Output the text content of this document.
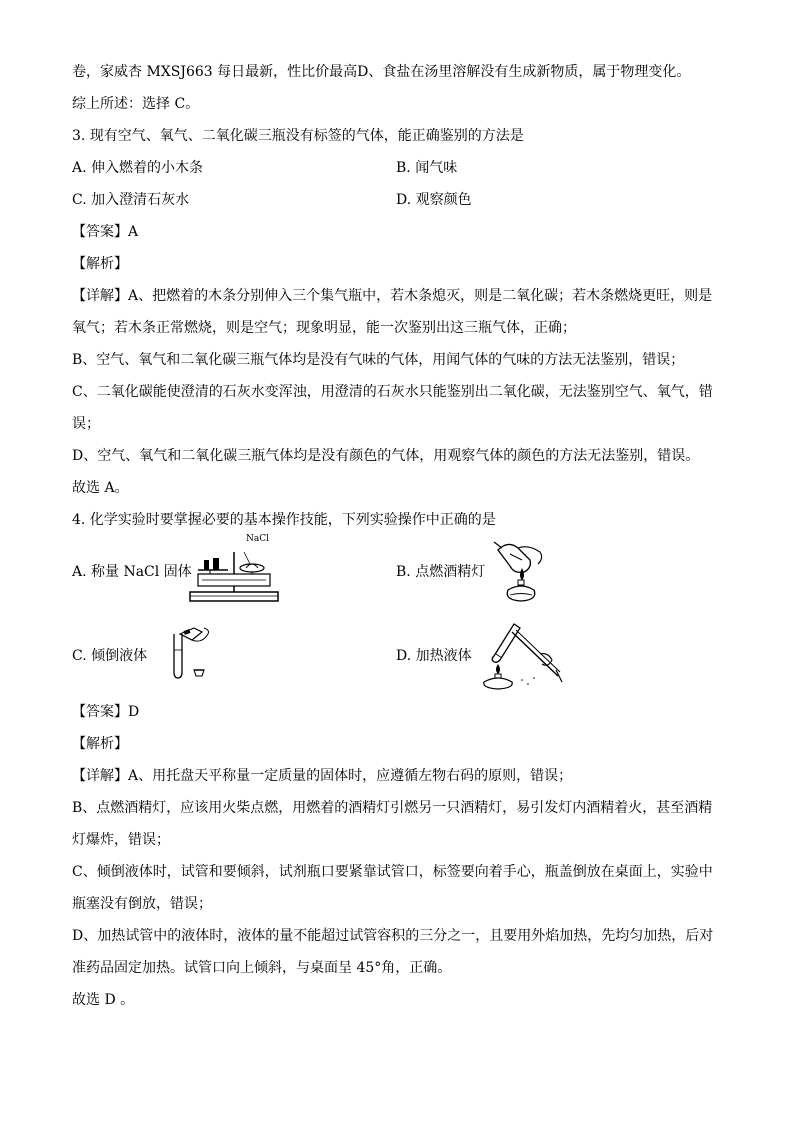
卷，家威杏 MXSJ663 每日最新，性比价最高D、食盐在汤里溶解没有生成新物质，属于物理变化。
综上所述：选择 C。
3. 现有空气、氧气、二氧化碳三瓶没有标签的气体，能正确鉴别的方法是
A. 伸入燃着的小木条	B. 闻气味
C. 加入澄清石灰水	D. 观察颜色
【答案】A
【解析】
【详解】A、把燃着的木条分别伸入三个集气瓶中，若木条熄灭，则是二氧化碳；若木条燃烧更旺，则是
氧气；若木条正常燃烧，则是空气；现象明显，能一次鉴别出这三瓶气体，正确；
B、空气、氧气和二氧化碳三瓶气体均是没有气味的气体，用闻气体的气味的方法无法鉴别，错误；
C、二氧化碳能使澄清的石灰水变浑浊，用澄清的石灰水只能鉴别出二氧化碳，无法鉴别空气、氧气，错
误；
D、空气、氧气和二氧化碳三瓶气体均是没有颜色的气体，用观察气体的颜色的方法无法鉴别，错误。
故选 A。
4. 化学实验时要掌握必要的基本操作技能，下列实验操作中正确的是
A. 称量 NaCl 固体
NaCl
B. 点燃酒精灯
C. 倾倒液体	D. 加热液体
【答案】D
【解析】
【详解】A、用托盘天平称量一定质量的固体时，应遵循左物右码的原则，错误；
B、点燃酒精灯，应该用火柴点燃，用燃着的酒精灯引燃另一只酒精灯，易引发灯内酒精着火，甚至酒精
灯爆炸，错误；
C、倾倒液体时，试管和要倾斜，试剂瓶口要紧靠试管口，标签要向着手心，瓶盖倒放在桌面上，实验中
瓶塞没有倒放，错误；
D、加热试管中的液体时，液体的量不能超过试管容积的三分之一，且要用外焰加热，先均匀加热，后对
准药品固定加热。试管口向上倾斜，与桌面呈 45°角，正确。
故选 D 。
